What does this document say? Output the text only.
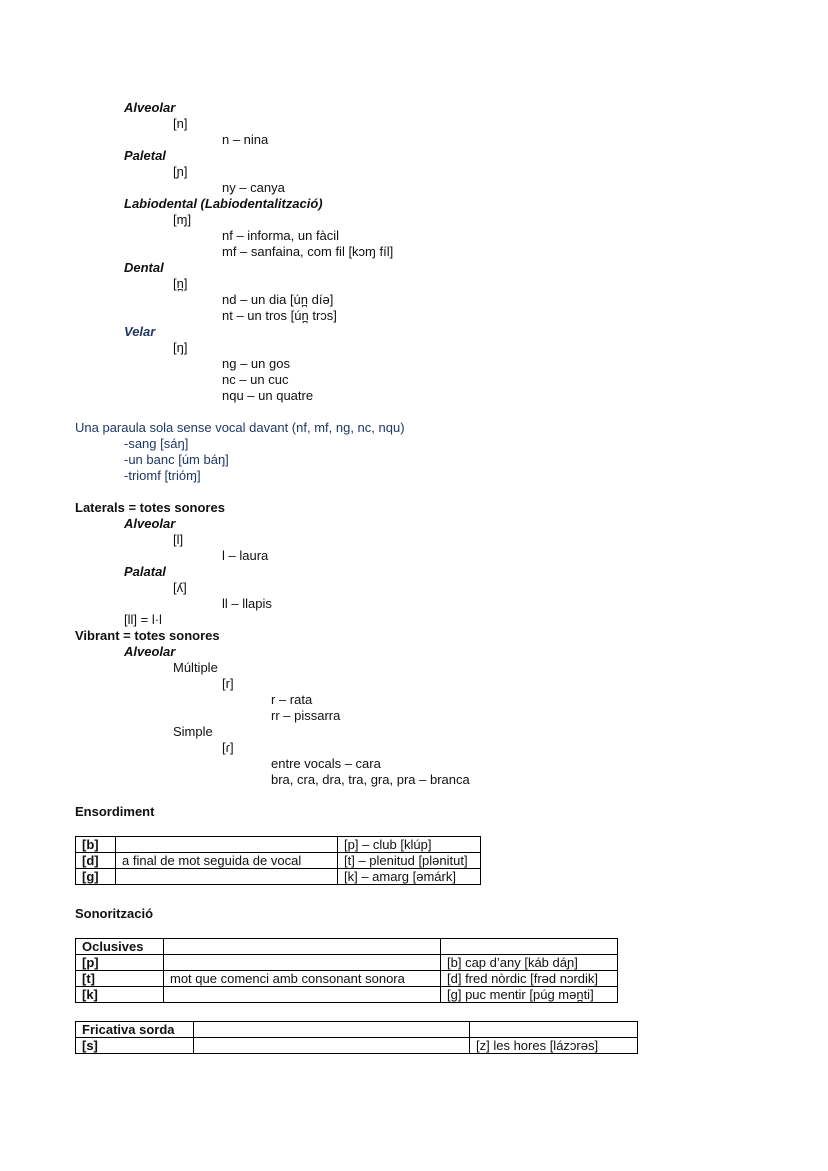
Alveolar
[n]
n – nina
Paletal
[ɲ]
ny – canya
Labiodental (Labiodentalització)
[ɱ]
nf – informa, un fàcil
mf – sanfaina, com fil [kɔɱ fíl]
Dental
[n̪]
nd – un dia [ún̪ díə]
nt – un tros [ún̪ trɔs]
Velar
[ŋ]
ng – un gos
nc – un cuc
nqu – un quatre
Una paraula sola sense vocal davant (nf, mf, ng, nc, nqu)
-sang [sáŋ]
-un banc [úm báŋ]
-triomf [trióɱ]
Laterals = totes sonores
Alveolar
[l]
l – laura
Palatal
[ʎ]
ll – llapis
[ll] = l·l
Vibrant = totes sonores
Alveolar
Múltiple
[r]
r – rata
rr – pissarra
Simple
[ɾ]
entre vocals – cara
bra, cra, dra, tra, gra, pra – branca
Ensordiment
[b]		[p] – club [klúp]
[d]	a final de mot seguida de vocal	[t] – plenitud [plənitut]
[g]		[k] – amarg [əmárk]
Sonorització
Oclusives		
[p]		[b] cap d’any [káb dáɲ]
[t]	mot que comenci amb consonant sonora	[d] fred nòrdic [frəd nɔrdik]
[k]		[g] puc mentir [púg mən̪ti]
Fricativa sorda		
[s]		[z] les hores [lázɔrəs]
